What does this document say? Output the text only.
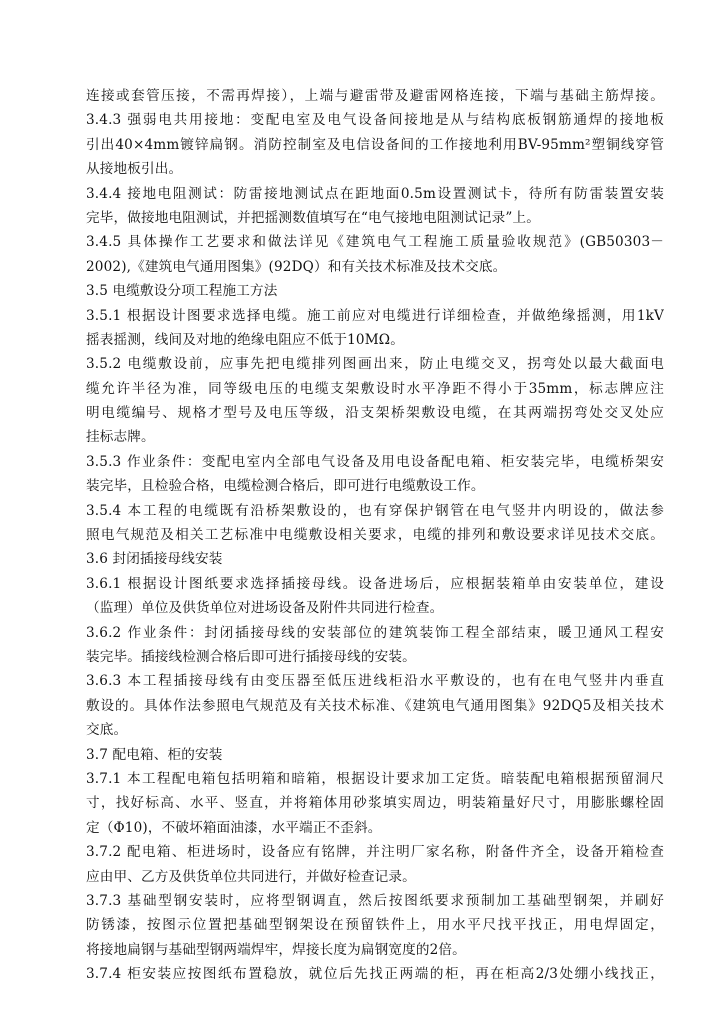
连接或套管压接，不需再焊接），上端与避雷带及避雷网格连接，下端与基础主筋焊接。
3.4.3 强弱电共用接地：变配电室及电气设备间接地是从与结构底板钢筋通焊的接地板
引出40×4mm镀锌扁钢。消防控制室及电信设备间的工作接地利用BV-95mm²塑铜线穿管
从接地板引出。
3.4.4 接地电阻测试：防雷接地测试点在距地面0.5m设置测试卡，待所有防雷装置安装
完毕，做接地电阻测试，并把摇测数值填写在“电气接地电阻测试记录”上。
3.4.5 具体操作工艺要求和做法详见《建筑电气工程施工质量验收规范》(GB50303－
2002),《建筑电气通用图集》(92DQ）和有关技术标准及技术交底。
3.5 电缆敷设分项工程施工方法
3.5.1 根据设计图要求选择电缆。施工前应对电缆进行详细检查，并做绝缘摇测，用1kV
摇表摇测，线间及对地的绝缘电阻应不低于10MΩ。
3.5.2 电缆敷设前，应事先把电缆排列图画出来，防止电缆交叉，拐弯处以最大截面电
缆允许半径为准，同等级电压的电缆支架敷设时水平净距不得小于35mm，标志牌应注
明电缆编号、规格才型号及电压等级，沿支架桥架敷设电缆，在其两端拐弯处交叉处应
挂标志牌。
3.5.3 作业条件：变配电室内全部电气设备及用电设备配电箱、柜安装完毕，电缆桥架安
装完毕，且检验合格，电缆检测合格后，即可进行电缆敷设工作。
3.5.4 本工程的电缆既有沿桥架敷设的，也有穿保护钢管在电气竖井内明设的，做法参
照电气规范及相关工艺标准中电缆敷设相关要求，电缆的排列和敷设要求详见技术交底。
3.6 封闭插接母线安装
3.6.1 根据设计图纸要求选择插接母线。设备进场后，应根据装箱单由安装单位，建设
（监理）单位及供货单位对进场设备及附件共同进行检查。
3.6.2 作业条件：封闭插接母线的安装部位的建筑装饰工程全部结束，暖卫通风工程安
装完毕。插接线检测合格后即可进行插接母线的安装。
3.6.3 本工程插接母线有由变压器至低压进线柜沿水平敷设的，也有在电气竖井内垂直
敷设的。具体作法参照电气规范及有关技术标准、《建筑电气通用图集》92DQ5及相关技术
交底。
3.7 配电箱、柜的安装
3.7.1 本工程配电箱包括明箱和暗箱，根据设计要求加工定货。暗装配电箱根据预留洞尺
寸，找好标高、水平、竖直，并将箱体用砂浆填实周边，明装箱量好尺寸，用膨胀螺栓固
定（Φ10)，不破坏箱面油漆，水平端正不歪斜。
3.7.2 配电箱、柜进场时，设备应有铭牌，并注明厂家名称，附备件齐全，设备开箱检查
应由甲、乙方及供货单位共同进行，并做好检查记录。
3.7.3 基础型钢安装时，应将型钢调直，然后按图纸要求预制加工基础型钢架，并刷好
防锈漆，按图示位置把基础型钢架设在预留铁件上，用水平尺找平找正，用电焊固定，
将接地扁钢与基础型钢两端焊牢，焊接长度为扁钢宽度的2倍。
3.7.4 柜安装应按图纸布置稳放，就位后先找正两端的柜，再在柜高2/3处绷小线找正，
